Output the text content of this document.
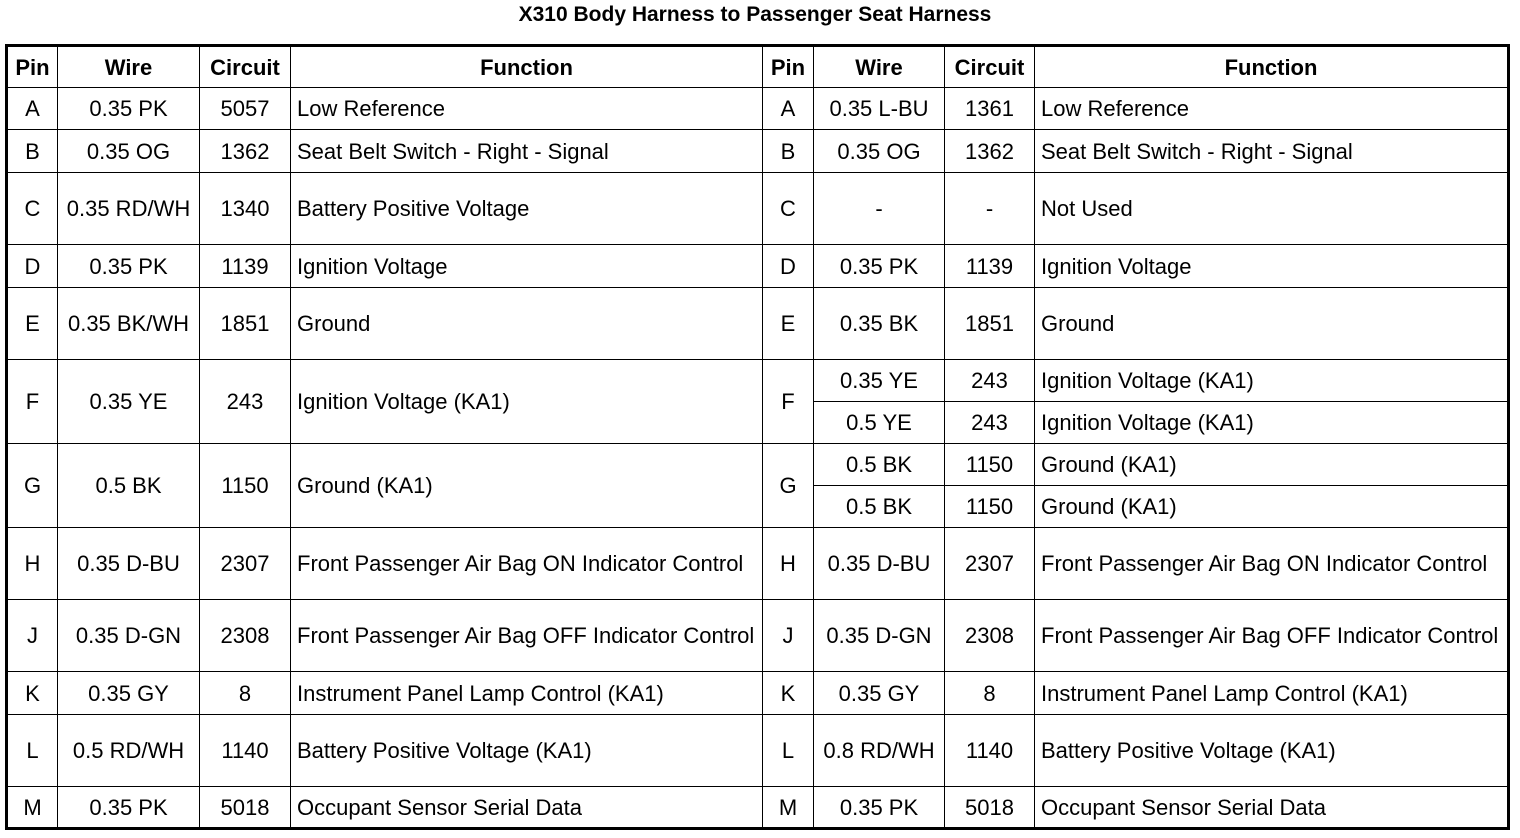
X310 Body Harness to Passenger Seat Harness
Pin	Wire	Circuit	Function	Pin	Wire	Circuit	Function
A	0.35 PK	5057	Low Reference	A	0.35 L-BU	1361	Low Reference
B	0.35 OG	1362	Seat Belt Switch - Right - Signal	B	0.35 OG	1362	Seat Belt Switch - Right - Signal
C	0.35 RD/WH	1340	Battery Positive Voltage	C	-	-	Not Used
D	0.35 PK	1139	Ignition Voltage	D	0.35 PK	1139	Ignition Voltage
E	0.35 BK/WH	1851	Ground	E	0.35 BK	1851	Ground
F	0.35 YE	243	Ignition Voltage (KA1)	F	0.35 YE	243	Ignition Voltage (KA1)
					0.5 YE	243	Ignition Voltage (KA1)
G	0.5 BK	1150	Ground (KA1)	G	0.5 BK	1150	Ground (KA1)
					0.5 BK	1150	Ground (KA1)
H	0.35 D-BU	2307	Front Passenger Air Bag ON Indicator Control	H	0.35 D-BU	2307	Front Passenger Air Bag ON Indicator Control
J	0.35 D-GN	2308	Front Passenger Air Bag OFF Indicator Control	J	0.35 D-GN	2308	Front Passenger Air Bag OFF Indicator Control
K	0.35 GY	8	Instrument Panel Lamp Control (KA1)	K	0.35 GY	8	Instrument Panel Lamp Control (KA1)
L	0.5 RD/WH	1140	Battery Positive Voltage (KA1)	L	0.8 RD/WH	1140	Battery Positive Voltage (KA1)
M	0.35 PK	5018	Occupant Sensor Serial Data	M	0.35 PK	5018	Occupant Sensor Serial Data
